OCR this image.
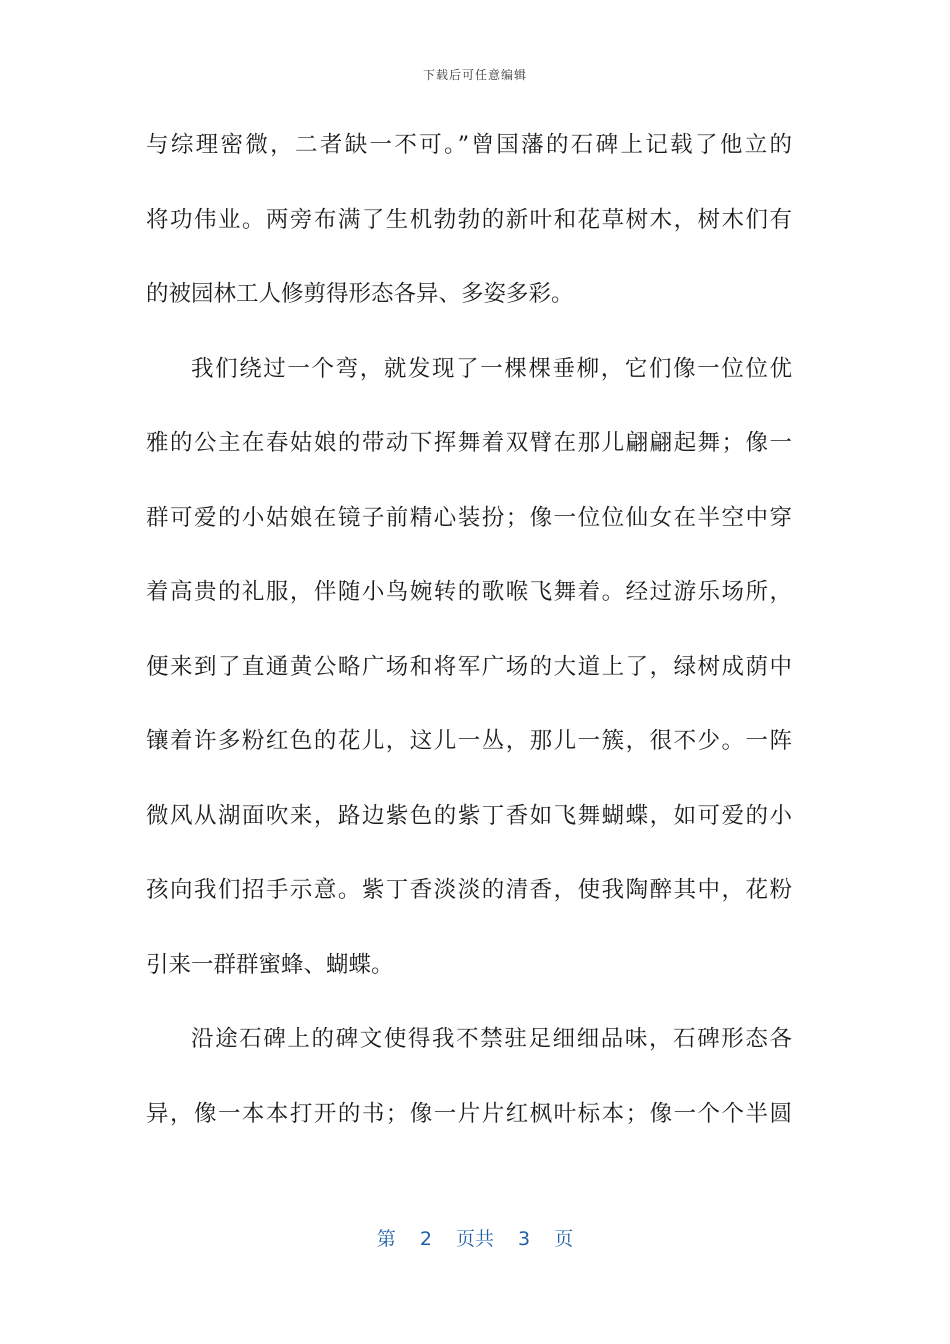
下载后可任意编辑
与综理密微，二者缺一不可。”曾国藩的石碑上记载了他立的
将功伟业。两旁布满了生机勃勃的新叶和花草树木，树木们有
的被园林工人修剪得形态各异、多姿多彩。
我们绕过一个弯，就发现了一棵棵垂柳，它们像一位位优
雅的公主在春姑娘的带动下挥舞着双臂在那儿翩翩起舞；像一
群可爱的小姑娘在镜子前精心装扮；像一位位仙女在半空中穿
着高贵的礼服，伴随小鸟婉转的歌喉飞舞着。经过游乐场所，
便来到了直通黄公略广场和将军广场的大道上了，绿树成荫中
镶着许多粉红色的花儿，这儿一丛，那儿一簇，很不少。一阵
微风从湖面吹来，路边紫色的紫丁香如飞舞蝴蝶，如可爱的小
孩向我们招手示意。紫丁香淡淡的清香，使我陶醉其中，花粉
引来一群群蜜蜂、蝴蝶。
沿途石碑上的碑文使得我不禁驻足细细品味，石碑形态各
异，像一本本打开的书；像一片片红枫叶标本；像一个个半圆
第 2 页共 3 页
